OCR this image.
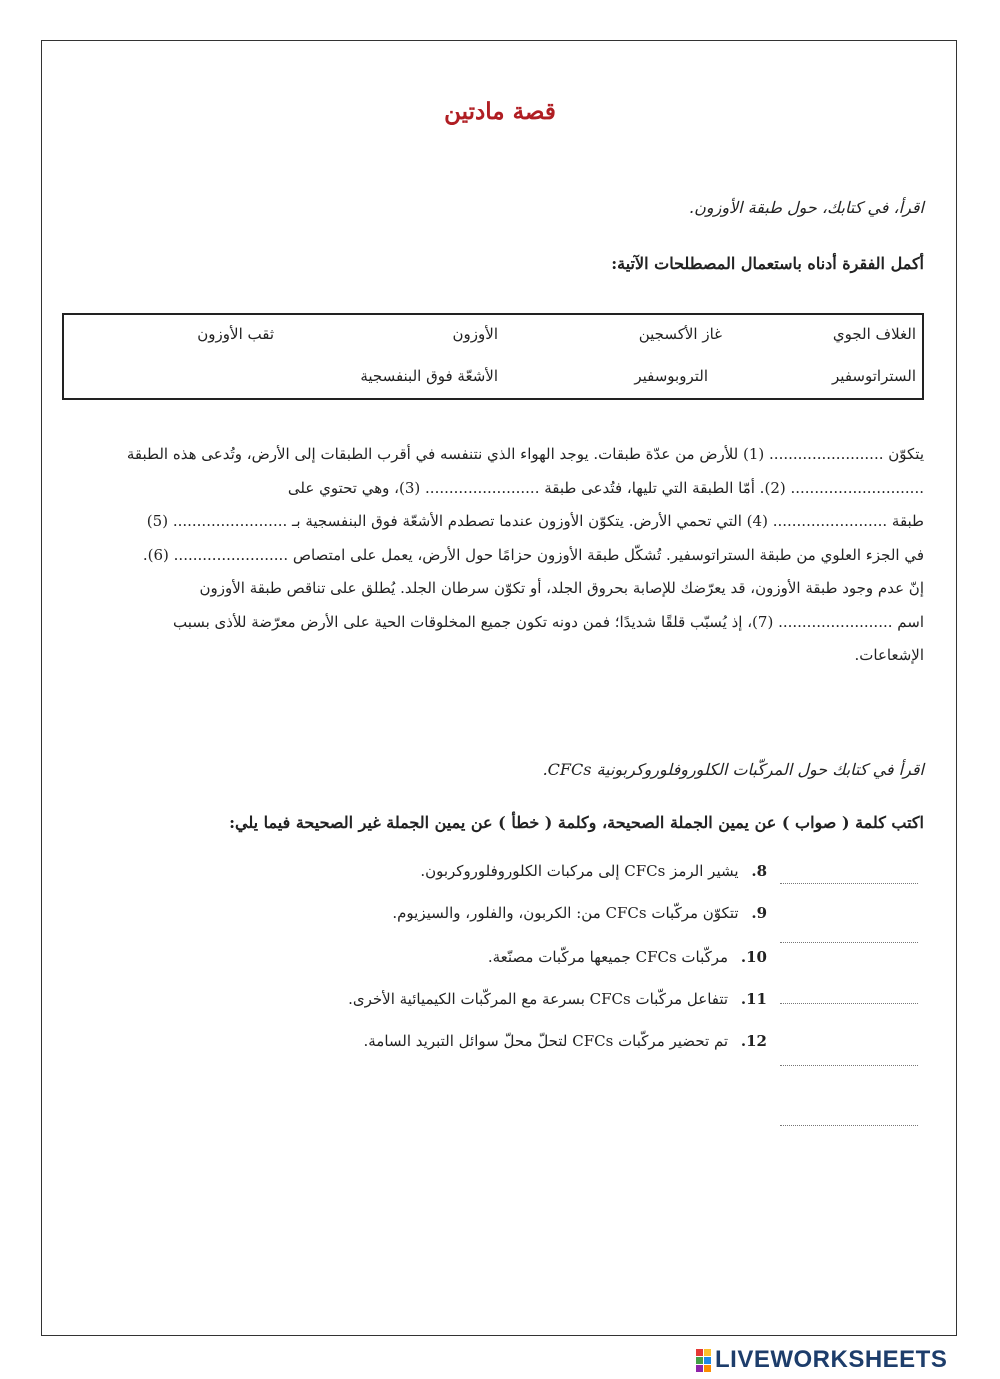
قصة مادتين
اقرأ، في كتابك، حول طبقة الأوزون.
أكمل الفقرة أدناه باستعمال المصطلحات الآتية:
الغلاف الجوي
غاز الأكسجين
الأوزون
ثقب الأوزون
الستراتوسفير
التروبوسفير
الأشعّة فوق البنفسجية
يتكوّن ........................ (1) للأرض من عدّة طبقات. يوجد الهواء الذي نتنفسه في أقرب الطبقات إلى الأرض، وتُدعى هذه الطبقة
............................ (2). أمّا الطبقة التي تليها، فتُدعى طبقة ........................ (3)، وهي تحتوي على
طبقة ........................ (4) التي تحمي الأرض. يتكوّن الأوزون عندما تصطدم الأشعّة فوق البنفسجية بـ ........................ (5)
في الجزء العلوي من طبقة الستراتوسفير. تُشكّل طبقة الأوزون حزامًا حول الأرض، يعمل على امتصاص ........................ (6).
إنّ عدم وجود طبقة الأوزون، قد يعرّضك للإصابة بحروق الجلد، أو تكوّن سرطان الجلد. يُطلق على تناقص طبقة الأوزون
اسم ........................ (7)، إذ يُسبّب قلقًا شديدًا؛ فمن دونه تكون جميع المخلوقات الحية على الأرض معرّضة للأذى بسبب
الإشعاعات.
اقرأ في كتابك حول المركّبات الكلوروفلوروكربونية CFCs.
اكتب كلمة ( صواب ) عن يمين الجملة الصحيحة، وكلمة ( خطأ ) عن يمين الجملة غير الصحيحة فيما يلي:
8. يشير الرمز CFCs إلى مركبات الكلوروفلوروكربون.
9. تتكوّن مركّبات CFCs من: الكربون، والفلور، والسيزيوم.
10. مركّبات CFCs جميعها مركّبات مصنّعة.
11. تتفاعل مركّبات CFCs بسرعة مع المركّبات الكيميائية الأخرى.
12. تم تحضير مركّبات CFCs لتحلّ محلّ سوائل التبريد السامة.
LIVEWORKSHEETS
